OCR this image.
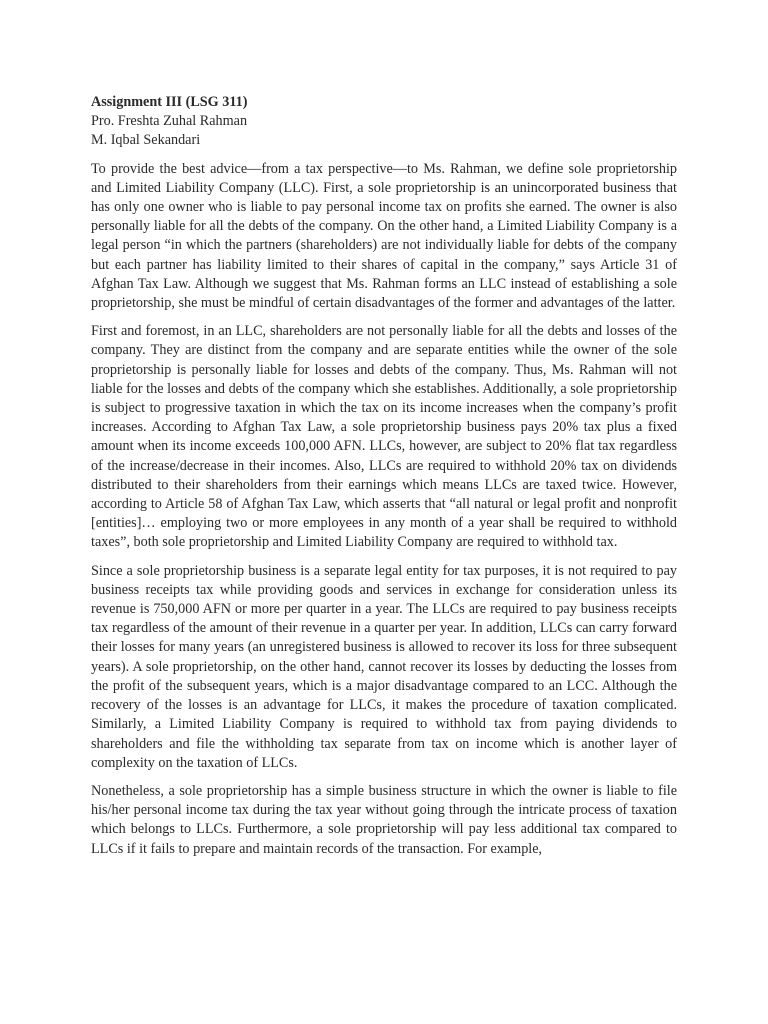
Assignment III (LSG 311)

Pro. Freshta Zuhal Rahman

M. Iqbal Sekandari

To provide the best advice—from a tax perspective—to Ms. Rahman, we define sole proprietorship and Limited Liability Company (LLC). First, a sole proprietorship is an unincorporated business that has only one owner who is liable to pay personal income tax on profits she earned. The owner is also personally liable for all the debts of the company. On the other hand, a Limited Liability Company is a legal person “in which the partners (shareholders) are not individually liable for debts of the company but each partner has liability limited to their shares of capital in the company,” says Article 31 of Afghan Tax Law. Although we suggest that Ms. Rahman forms an LLC instead of establishing a sole proprietorship, she must be mindful of certain disadvantages of the former and advantages of the latter.

First and foremost, in an LLC, shareholders are not personally liable for all the debts and losses of the company. They are distinct from the company and are separate entities while the owner of the sole proprietorship is personally liable for losses and debts of the company. Thus, Ms. Rahman will not liable for the losses and debts of the company which she establishes. Additionally, a sole proprietorship is subject to progressive taxation in which the tax on its income increases when the company’s profit increases. According to Afghan Tax Law, a sole proprietorship business pays 20% tax plus a fixed amount when its income exceeds 100,000 AFN. LLCs, however, are subject to 20% flat tax regardless of the increase/decrease in their incomes. Also, LLCs are required to withhold 20% tax on dividends distributed to their shareholders from their earnings which means LLCs are taxed twice. However, according to Article 58 of Afghan Tax Law, which asserts that “all natural or legal profit and nonprofit [entities]… employing two or more employees in any month of a year shall be required to withhold taxes”, both sole proprietorship and Limited Liability Company are required to withhold tax.

Since a sole proprietorship business is a separate legal entity for tax purposes, it is not required to pay business receipts tax while providing goods and services in exchange for consideration unless its revenue is 750,000 AFN or more per quarter in a year. The LLCs are required to pay business receipts tax regardless of the amount of their revenue in a quarter per year. In addition, LLCs can carry forward their losses for many years (an unregistered business is allowed to recover its loss for three subsequent years). A sole proprietorship, on the other hand, cannot recover its losses by deducting the losses from the profit of the subsequent years, which is a major disadvantage compared to an LCC. Although the recovery of the losses is an advantage for LLCs, it makes the procedure of taxation complicated. Similarly, a Limited Liability Company is required to withhold tax from paying dividends to shareholders and file the withholding tax separate from tax on income which is another layer of complexity on the taxation of LLCs.

Nonetheless, a sole proprietorship has a simple business structure in which the owner is liable to file his/her personal income tax during the tax year without going through the intricate process of taxation which belongs to LLCs. Furthermore, a sole proprietorship will pay less additional tax compared to LLCs if it fails to prepare and maintain records of the transaction. For example,
